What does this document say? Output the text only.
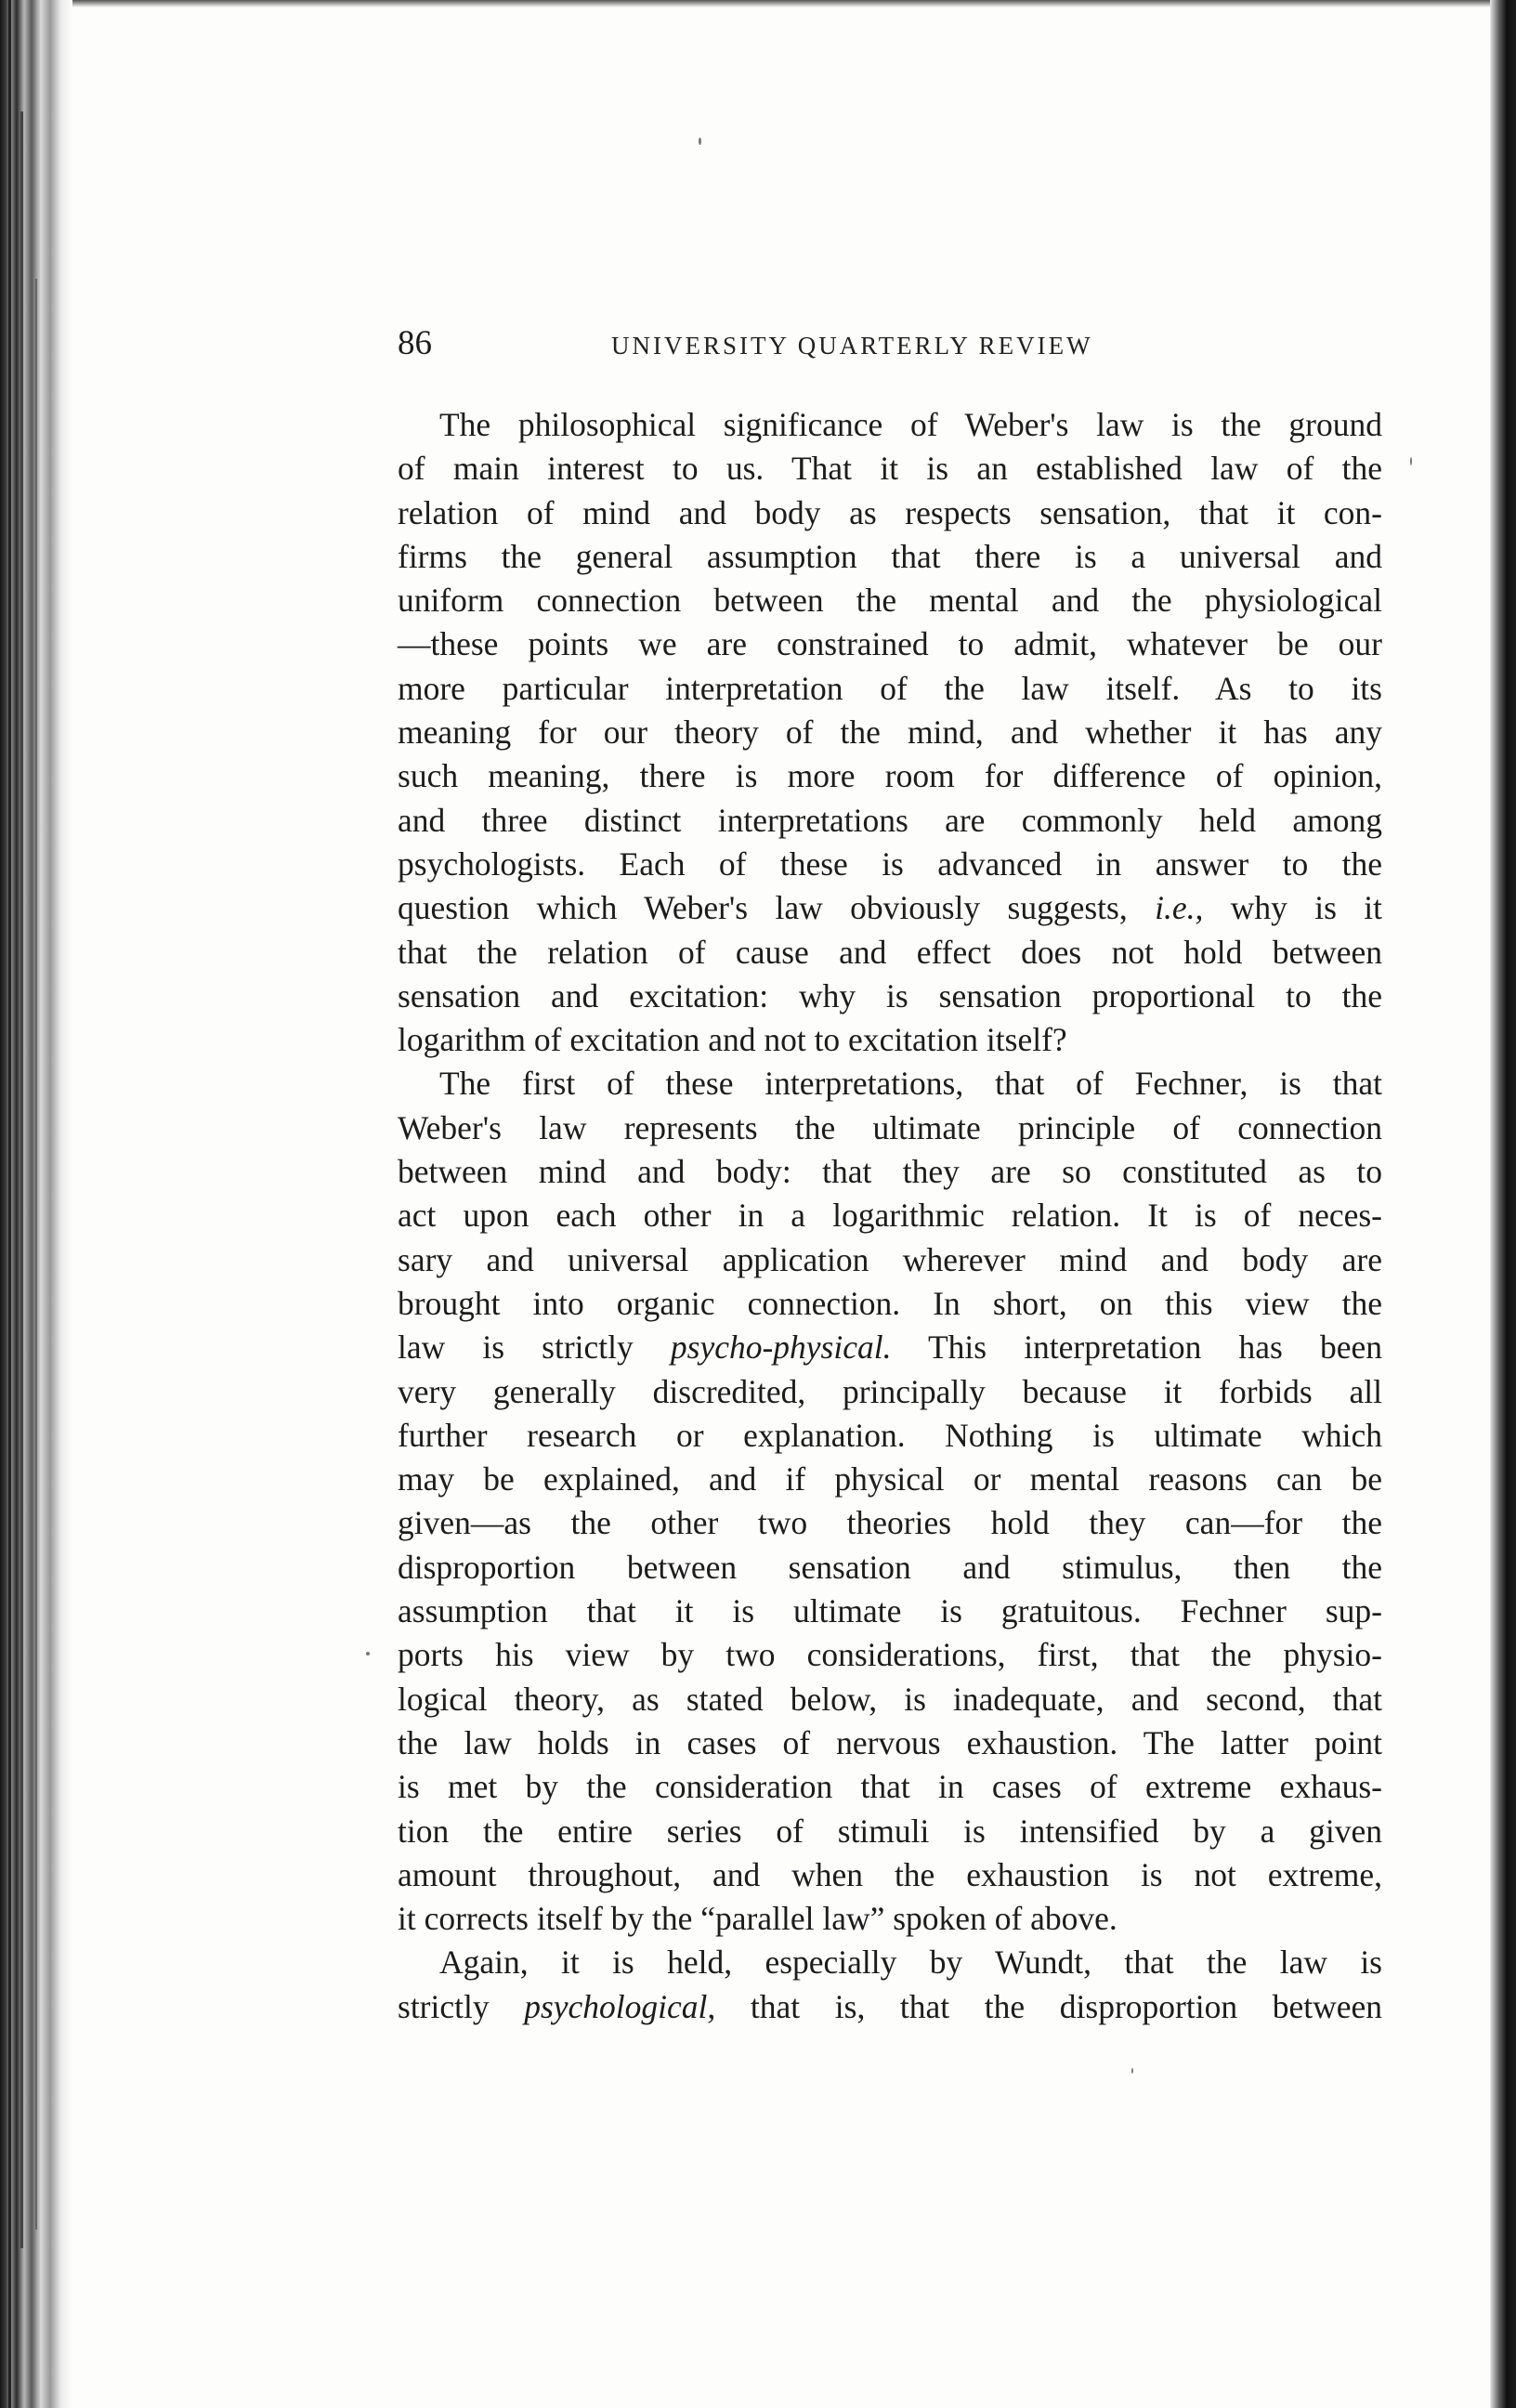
86	UNIVERSITY QUARTERLY REVIEW

The philosophical significance of Weber's law is the ground
of main interest to us. That it is an established law of the
relation of mind and body as respects sensation, that it con-
firms the general assumption that there is a universal and
uniform connection between the mental and the physiological
—these points we are constrained to admit, whatever be our
more particular interpretation of the law itself. As to its
meaning for our theory of the mind, and whether it has any
such meaning, there is more room for difference of opinion,
and three distinct interpretations are commonly held among
psychologists. Each of these is advanced in answer to the
question which Weber's law obviously suggests, i.e., why is it
that the relation of cause and effect does not hold between
sensation and excitation: why is sensation proportional to the
logarithm of excitation and not to excitation itself?

The first of these interpretations, that of Fechner, is that
Weber's law represents the ultimate principle of connection
between mind and body: that they are so constituted as to
act upon each other in a logarithmic relation. It is of neces-
sary and universal application wherever mind and body are
brought into organic connection. In short, on this view the
law is strictly psycho-physical. This interpretation has been
very generally discredited, principally because it forbids all
further research or explanation. Nothing is ultimate which
may be explained, and if physical or mental reasons can be
given—as the other two theories hold they can—for the
disproportion between sensation and stimulus, then the
assumption that it is ultimate is gratuitous. Fechner sup-
ports his view by two considerations, first, that the physio-
logical theory, as stated below, is inadequate, and second, that
the law holds in cases of nervous exhaustion. The latter point
is met by the consideration that in cases of extreme exhaus-
tion the entire series of stimuli is intensified by a given
amount throughout, and when the exhaustion is not extreme,
it corrects itself by the “parallel law” spoken of above.

Again, it is held, especially by Wundt, that the law is
strictly psychological, that is, that the disproportion between
